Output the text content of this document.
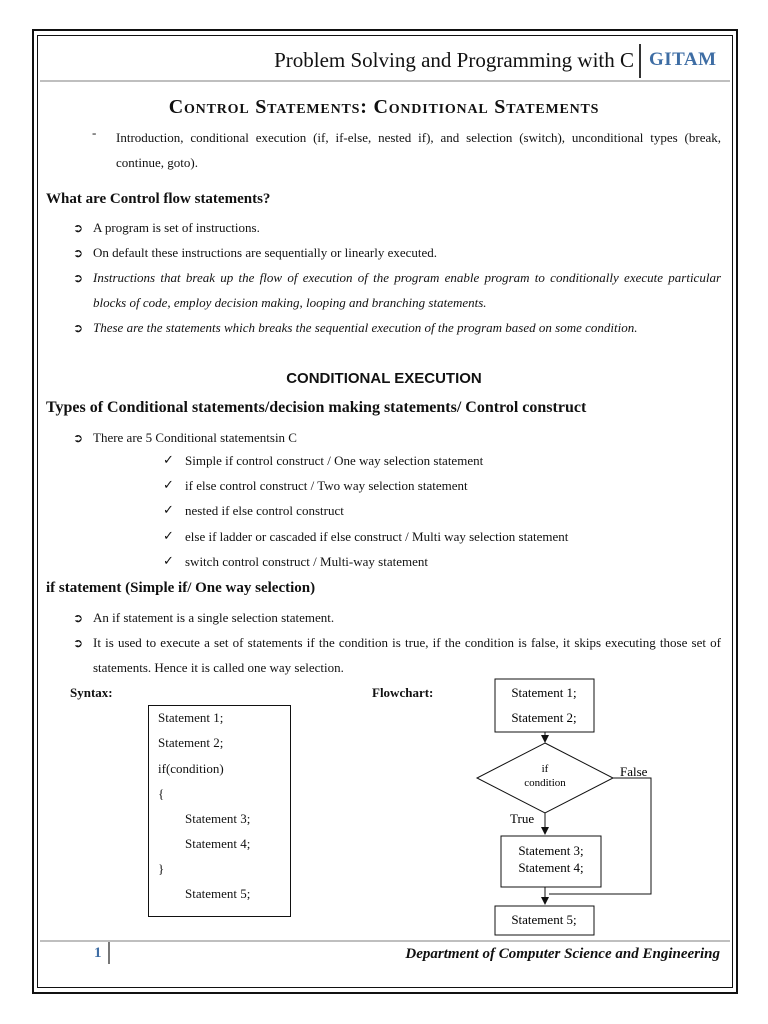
Problem Solving and Programming with C GITAM
Control Statements: Conditional Statements
- Introduction, conditional execution (if, if-else, nested if), and selection (switch), unconditional types (break, continue, goto).
What are Control flow statements?
➲ A program is set of instructions.
➲ On default these instructions are sequentially or linearly executed.
➲ Instructions that break up the flow of execution of the program enable program to conditionally execute particular blocks of code, employ decision making, looping and branching statements.
➲ These are the statements which breaks the sequential execution of the program based on some condition.
CONDITIONAL EXECUTION
Types of Conditional statements/decision making statements/ Control construct
➲ There are 5 Conditional statementsin C
✓ Simple if control construct / One way selection statement
✓ if else control construct / Two way selection statement
✓ nested if else control construct
✓ else if ladder or cascaded if else construct / Multi way selection statement
✓ switch control construct / Multi-way statement
if statement (Simple if/ One way selection)
➲ An if statement is a single selection statement.
➲ It is used to execute a set of statements if the condition is true, if the condition is false, it skips executing those set of statements. Hence it is called one way selection.
Syntax:	Flowchart:
Statement 1;
Statement 2;
if(condition)
{
Statement 3;
Statement 4;
}
Statement 5;
Statement 1;
Statement 2;
if
condition
False
True
Statement 3;
Statement 4;
Statement 5;
1	Department of Computer Science and Engineering
